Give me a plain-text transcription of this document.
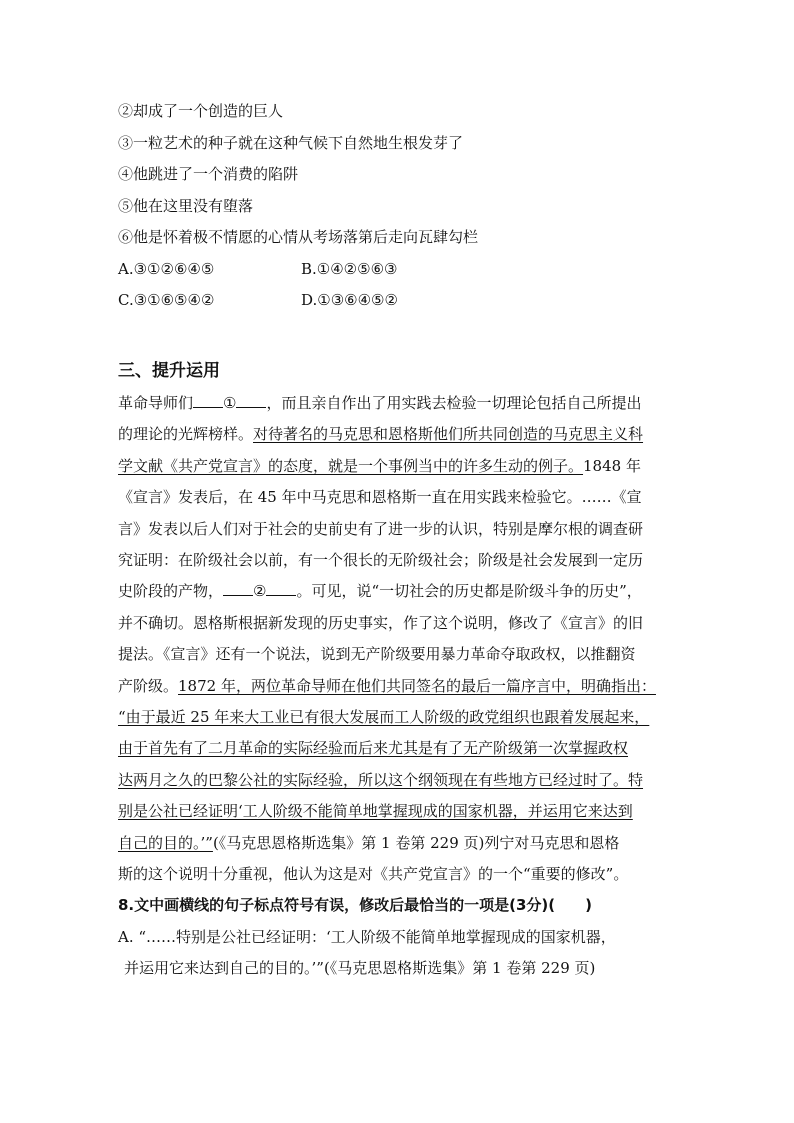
②却成了一个创造的巨人
③一粒艺术的种子就在这种气候下自然地生根发芽了
④他跳进了一个消费的陷阱
⑤他在这里没有堕落
⑥他是怀着极不情愿的心情从考场落第后走向瓦肆勾栏
A.③①②⑥④⑤	B.①④②⑤⑥③
C.③①⑥⑤④②	D.①③⑥④⑤②
三、提升运用
革命导师们 ① ，而且亲自作出了用实践去检验一切理论包括自己所提出
的理论的光辉榜样。对待著名的马克思和恩格斯他们所共同创造的马克思主义科
学文献《共产党宣言》的态度，就是一个事例当中的许多生动的例子。1848 年
《宣言》发表后，在 45 年中马克思和恩格斯一直在用实践来检验它。……《宣
言》发表以后人们对于社会的史前史有了进一步的认识，特别是摩尔根的调查研
究证明：在阶级社会以前，有一个很长的无阶级社会；阶级是社会发展到一定历
史阶段的产物， ② 。可见，说“一切社会的历史都是阶级斗争的历史”，
并不确切。恩格斯根据新发现的历史事实，作了这个说明，修改了《宣言》的旧
提法。《宣言》还有一个说法，说到无产阶级要用暴力革命夺取政权，以推翻资
产阶级。1872 年，两位革命导师在他们共同签名的最后一篇序言中，明确指出：
“由于最近 25 年来大工业已有很大发展而工人阶级的政党组织也跟着发展起来，
由于首先有了二月革命的实际经验而后来尤其是有了无产阶级第一次掌握政权
达两月之久的巴黎公社的实际经验，所以这个纲领现在有些地方已经过时了。特
别是公社已经证明‘工人阶级不能简单地掌握现成的国家机器，并运用它来达到
自己的目的。’”(《马克思恩格斯选集》第 1 卷第 229 页)列宁对马克思和恩格
斯的这个说明十分重视，他认为这是对《共产党宣言》的一个“重要的修改”。
8.文中画横线的句子标点符号有误，修改后最恰当的一项是(3分)(　　)
A. “……特别是公社已经证明：‘工人阶级不能简单地掌握现成的国家机器，
并运用它来达到自己的目的。’”(《马克思恩格斯选集》第 1 卷第 229 页)
